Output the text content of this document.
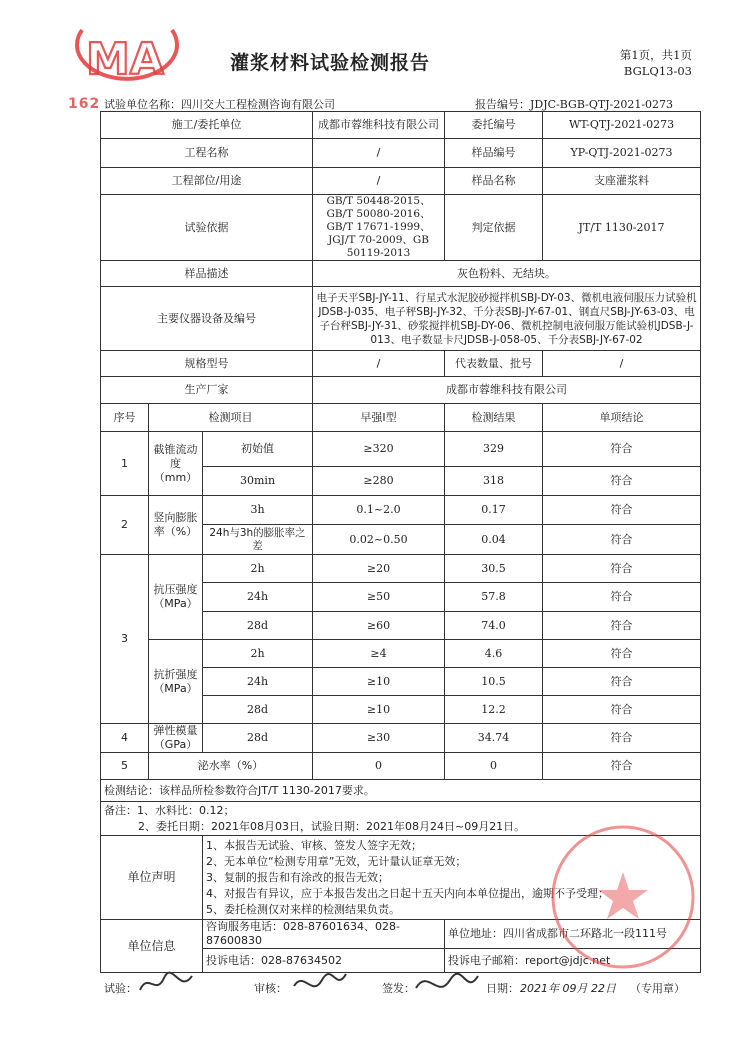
MA
162
灌浆材料试验检测报告	第1页，共1页
BGLQ13-03
试验单位名称：四川交大工程检测咨询有限公司	报告编号：JDJC-BGB-QTJ-2021-0273
施工/委托单位			成都市蓉维科技有限公司	委托编号	WT-QTJ-2021-0273
工程名称			/	样品编号	YP-QTJ-2021-0273
工程部位/用途			/	样品名称	支座灌浆料
试验依据			GB/T 50448-2015、GB/T 50080-2016、GB/T 17671-1999、JGJ/T 70-2009、GB 50119-2013	判定依据	JT/T 1130-2017
样品描述			灰色粉料、无结块。		
主要仪器设备及编号			电子天平SBJ-JY-11、行星式水泥胶砂搅拌机SBJ-DY-03、微机电液伺服压力试验机JDSB-J-035、电子秤SBJ-JY-32、千分表SBJ-JY-67-01、钢直尺SBJ-JY-63-03、电子台秤SBJ-JY-31、砂浆搅拌机SBJ-DY-06、微机控制电液伺服万能试验机JDSB-J-013、电子数显卡尺JDSB-J-058-05、千分表SBJ-JY-67-02		
规格型号			/	代表数量、批号	/
生产厂家			成都市蓉维科技有限公司		
序号	检测项目		早强Ⅰ型	检测结果	单项结论
1	截锥流动度（mm）	初始值	≥320	329	符合
		30min	≥280	318	符合
2	竖向膨胀率（%）	3h	0.1~2.0	0.17	符合
		24h与3h的膨胀率之差	0.02~0.50	0.04	符合
3	抗压强度（MPa）	2h	≥20	30.5	符合
		24h	≥50	57.8	符合
		28d	≥60	74.0	符合
	抗折强度（MPa）	2h	≥4	4.6	符合
		24h	≥10	10.5	符合
		28d	≥10	12.2	符合
4	弹性模量（GPa）	28d	≥30	34.74	符合
5	泌水率（%）		0	0	符合
检测结论：该样品所检参数符合JT/T 1130-2017要求。					

备注：1、水料比：0.12；
2、委托日期：2021年08月03日，试验日期：2021年08月24日~09月21日。					

单位声明		1、本报告无试验、审核、签发人签字无效；
2、无本单位“检测专用章”无效，无计量认证章无效；
3、复制的报告和有涂改的报告无效；
4、对报告有异议，应于本报告发出之日起十五天内向本单位提出，逾期不予受理；
5、委托检测仅对来样的检测结果负责。			

单位信息		咨询服务电话：028-87601634、028-87600830		单位地址：四川省成都市二环路北一段111号	
		投诉电话：028-87634502		投诉电子邮箱：report@jdjc.net	
试验：	审核：	签发：	日期： 2021年 09月 22日 （专用章）
